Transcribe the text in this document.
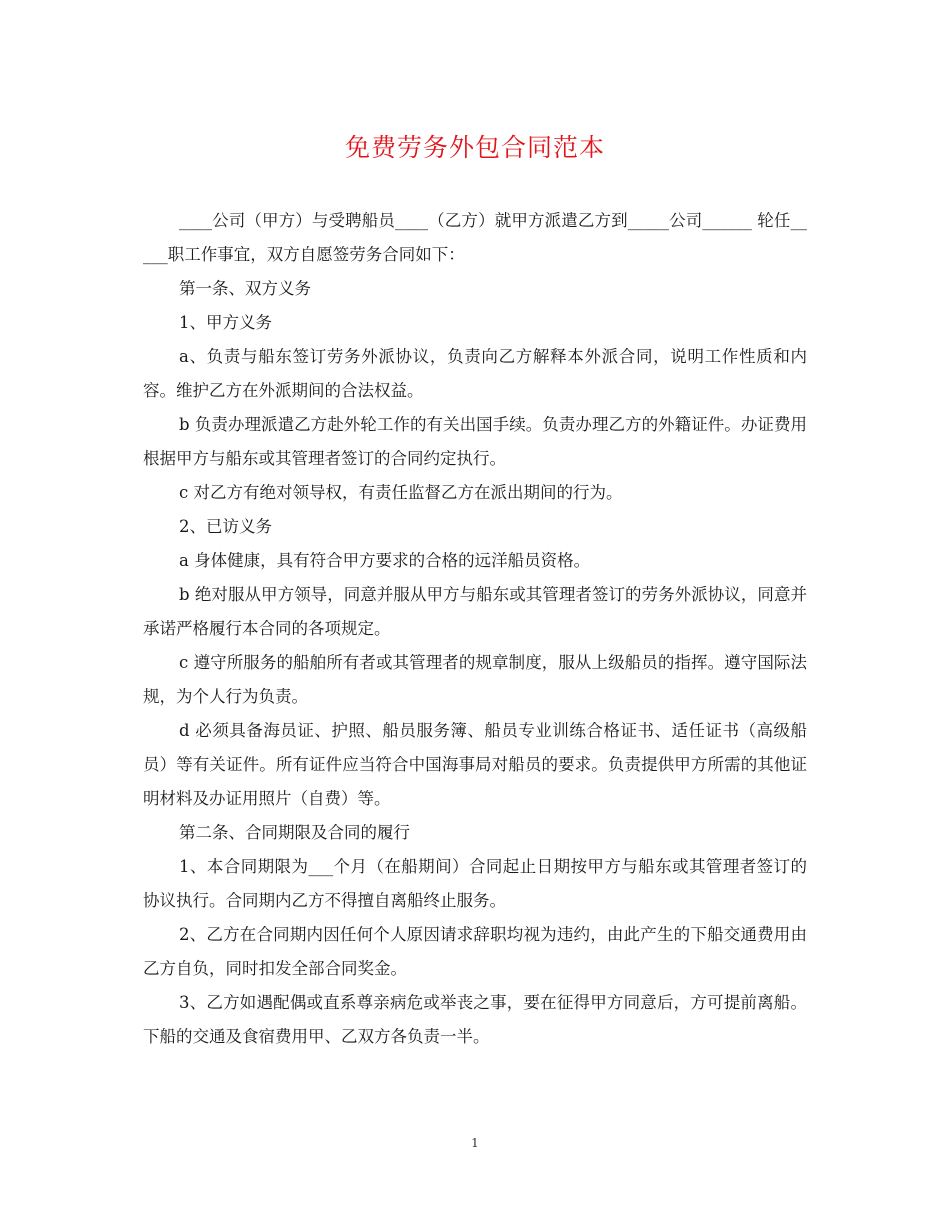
免费劳务外包合同范本

____公司（甲方）与受聘船员____（乙方）就甲方派遣乙方到_____公司______ 轮任_____职工作事宜，双方自愿签劳务合同如下：

第一条、双方义务

1、甲方义务

a、负责与船东签订劳务外派协议，负责向乙方解释本外派合同，说明工作性质和内容。维护乙方在外派期间的合法权益。

b 负责办理派遣乙方赴外轮工作的有关出国手续。负责办理乙方的外籍证件。办证费用根据甲方与船东或其管理者签订的合同约定执行。

c 对乙方有绝对领导权，有责任监督乙方在派出期间的行为。

2、已访义务

a 身体健康，具有符合甲方要求的合格的远洋船员资格。

b 绝对服从甲方领导，同意并服从甲方与船东或其管理者签订的劳务外派协议，同意并承诺严格履行本合同的各项规定。

c 遵守所服务的船舶所有者或其管理者的规章制度，服从上级船员的指挥。遵守国际法规，为个人行为负责。

d 必须具备海员证、护照、船员服务簿、船员专业训练合格证书、适任证书（高级船员）等有关证件。所有证件应当符合中国海事局对船员的要求。负责提供甲方所需的其他证明材料及办证用照片（自费）等。

第二条、合同期限及合同的履行

1、本合同期限为___个月（在船期间）合同起止日期按甲方与船东或其管理者签订的协议执行。合同期内乙方不得擅自离船终止服务。

2、乙方在合同期内因任何个人原因请求辞职均视为违约，由此产生的下船交通费用由乙方自负，同时扣发全部合同奖金。

3、乙方如遇配偶或直系尊亲病危或举丧之事，要在征得甲方同意后，方可提前离船。下船的交通及食宿费用甲、乙双方各负责一半。

1
